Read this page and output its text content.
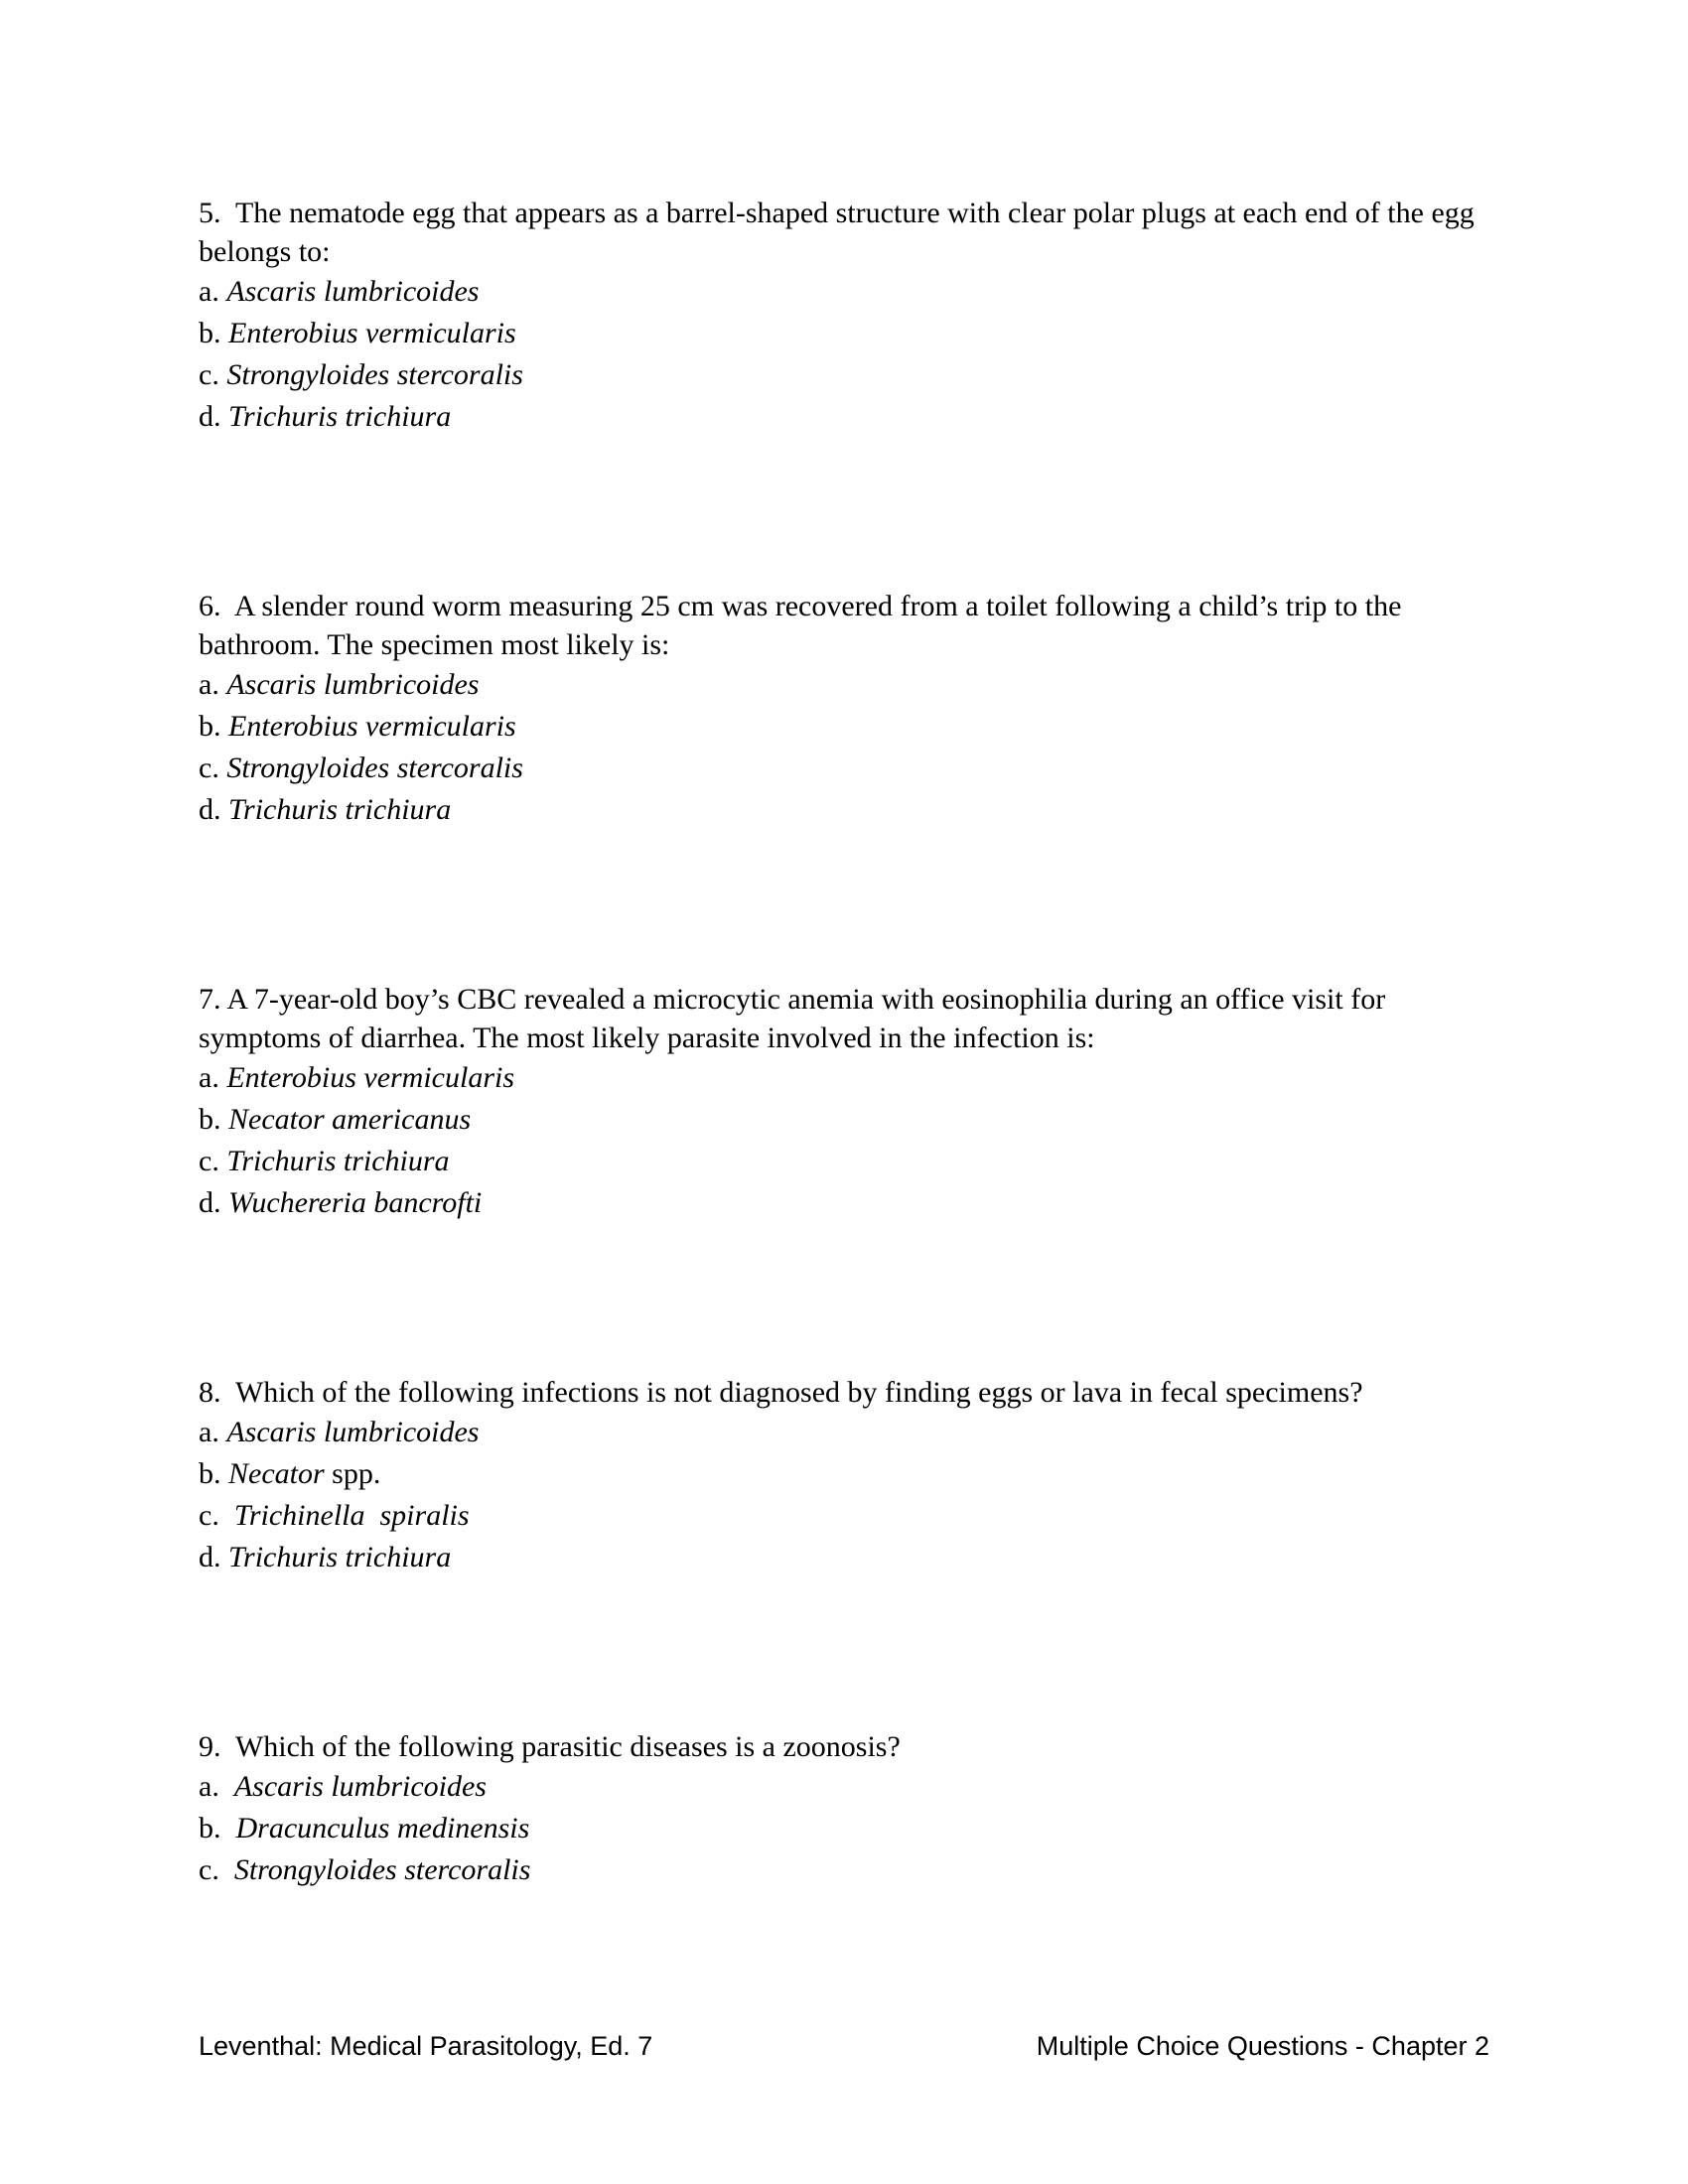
5.  The nematode egg that appears as a barrel-shaped structure with clear polar plugs at each end of the egg belongs to:
a. Ascaris lumbricoides
b. Enterobius vermicularis
c. Strongyloides stercoralis
d. Trichuris trichiura
6.  A slender round worm measuring 25 cm was recovered from a toilet following a child’s trip to the bathroom. The specimen most likely is:
a. Ascaris lumbricoides
b. Enterobius vermicularis
c. Strongyloides stercoralis
d. Trichuris trichiura
7. A 7-year-old boy’s CBC revealed a microcytic anemia with eosinophilia during an office visit for symptoms of diarrhea. The most likely parasite involved in the infection is:
a. Enterobius vermicularis
b. Necator americanus
c. Trichuris trichiura
d. Wuchereria bancrofti
8.  Which of the following infections is not diagnosed by finding eggs or lava in fecal specimens?
a. Ascaris lumbricoides
b. Necator spp.
c.  Trichinella  spiralis
d. Trichuris trichiura
9.  Which of the following parasitic diseases is a zoonosis?
a.  Ascaris lumbricoides
b.  Dracunculus medinensis
c.  Strongyloides stercoralis
Leventhal: Medical Parasitology, Ed. 7	Multiple Choice Questions - Chapter 2
